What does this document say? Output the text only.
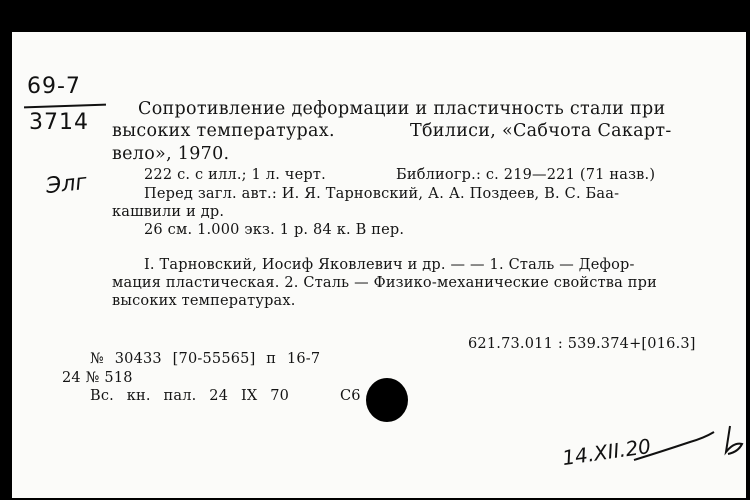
69-7
3714
Элг
Сопротивление деформации и пластичность стали при
высоких температурах.	Тбилиси, «Сабчота Сакарт-
вело», 1970.
222 с. с илл.; 1 л. черт.	Библиогр.: с. 219—221 (71 назв.)
Перед загл. авт.: И. Я. Тарновский, А. А. Поздеев, В. С. Баа-
кашвили и др.
26 см. 1.000 экз. 1 р. 84 к. В пер.
I. Тарновский, Иосиф Яковлевич и др. — — 1. Сталь — Дефор-
мация пластическая. 2. Сталь — Физико-механические свойства при
высоких температурах.
621.73.011 : 539.374+[016.3]
№ 30433 [70-55565] п 16-7
24 № 518
Вс. кн. пал. 24 IX 70	С6
14.XII.20
